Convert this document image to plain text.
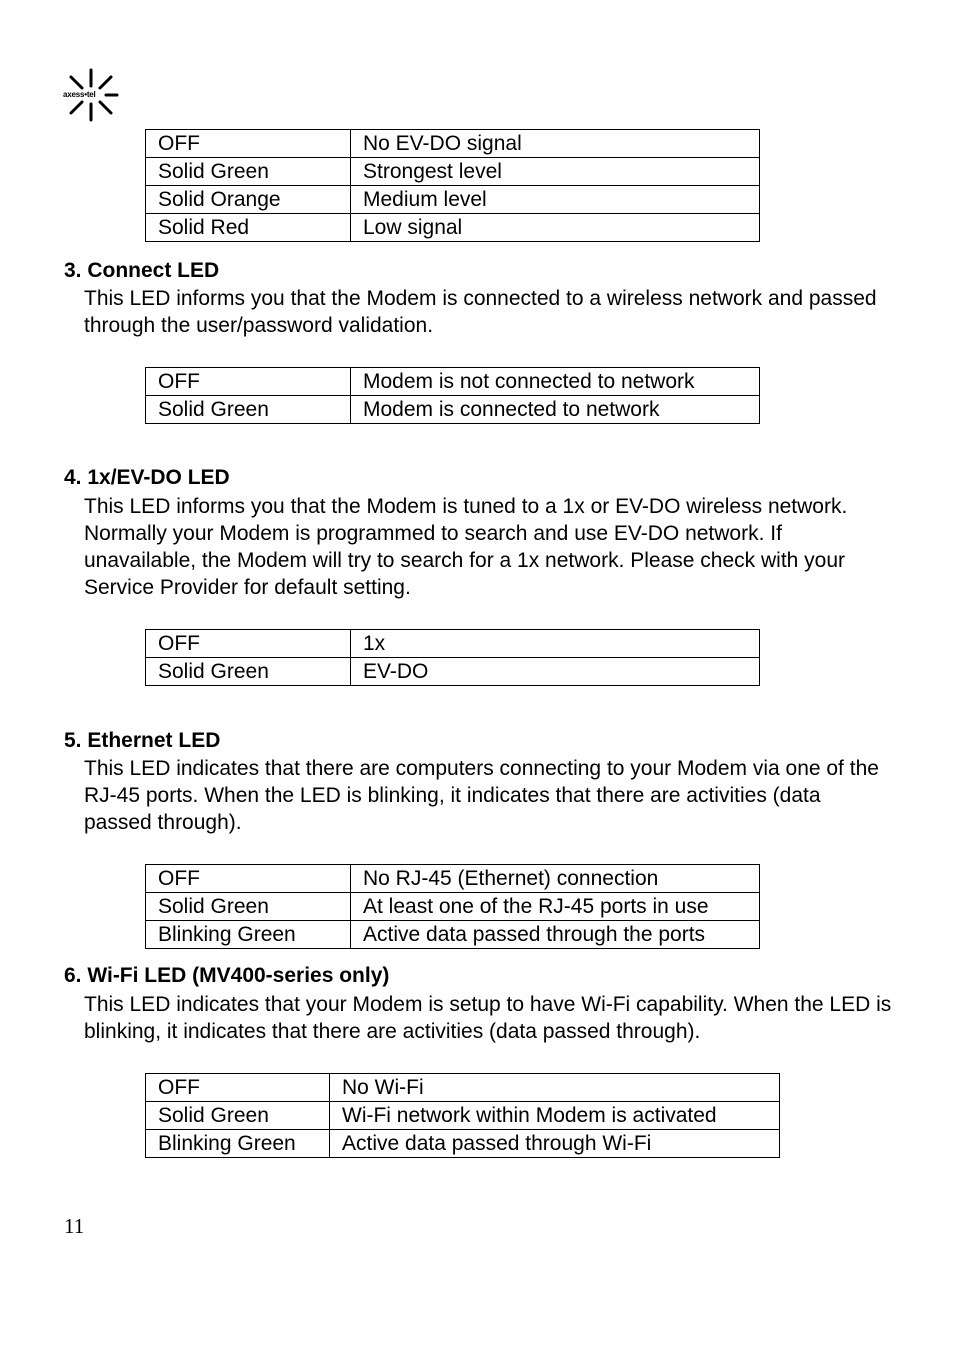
axess•tel
OFF	No EV-DO signal
Solid Green	Strongest level
Solid Orange	Medium level
Solid Red	Low signal
3. Connect LED

This LED informs you that the Modem is connected to a wireless network and passed through the user/password validation.

OFF	Modem is not connected to network
Solid Green	Modem is connected to network
4. 1x/EV-DO LED

This LED informs you that the Modem is tuned to a 1x or EV-DO wireless network. Normally your Modem is programmed to search and use EV-DO network. If unavailable, the Modem will try to search for a 1x network. Please check with your Service Provider for default setting.

OFF	1x
Solid Green	EV-DO
5. Ethernet LED

This LED indicates that there are computers connecting to your Modem via one of the RJ-45 ports. When the LED is blinking, it indicates that there are activities (data passed through).

OFF	No RJ-45 (Ethernet) connection
Solid Green	At least one of the RJ-45 ports in use
Blinking Green	Active data passed through the ports
6. Wi-Fi LED (MV400-series only)

This LED indicates that your Modem is setup to have Wi-Fi capability. When the LED is blinking, it indicates that there are activities (data passed through).

OFF	No Wi-Fi
Solid Green	Wi-Fi network within Modem is activated
Blinking Green	Active data passed through Wi-Fi
11
